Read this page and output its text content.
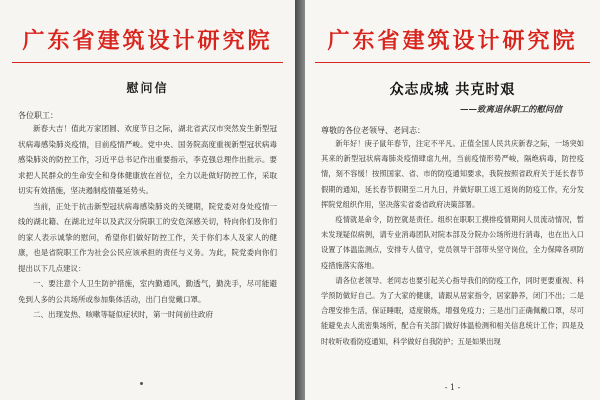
广东省建筑设计研究院
慰问信
各位职工：

新春大吉！值此万家团圆、欢度节日之际，湖北省武汉市突然发生新型冠状病毒感染肺炎疫情，目前疫情严峻。党中央、国务院高度重视新型冠状病毒感染肺炎的防控工作，习近平总书记作出重要指示，李克强总理作出批示。要求把人民群众的生命安全和身体健康放在首位，全力以赴做好防控工作，采取切实有效措施，坚决遏制疫情蔓延势头。

当前，正处于抗击新型冠状病毒感染肺炎的关键期，院党委对身处疫情一线的湖北籍、在湖北过年以及武汉分院职工的安危深感关切，特向你们及你们的家人表示诚挚的慰问，希望你们做好防控工作，关于你们本人及家人的健康，也是省院职工作为社会公民应该承担的责任与义务。为此，院党委向你们提出以下几点建议：

一、要注意个人卫生防护措施，室内勤通风，勤透气，勤洗手，尽可能避免到人多的公共场所或参加集体活动，出门自觉戴口罩。

二、出现发热、咳嗽等疑似症状时，第一时间前往政府

广东省建筑设计研究院
众志成城 共克时艰
——致离退休职工的慰问信
尊敬的各位老领导、老同志：

新年好！庚子鼠年春节，注定不平凡。正值全国人民共庆新春之际，一场突如其来的新型冠状病毒肺炎疫情肆虐九州，当前疫情形势严峻，隔绝病毒，防控疫情，刻不容缓！按照国家、省、市的防疫通知要求，我院按照省政府关于延长春节假期的通知，延长春节假期至二月九日，并做好职工返工返岗的防疫工作，充分发挥院党组织作用，坚决落实省委省政府决策部署。

疫情就是命令，防控就是责任。组织在职职工摸排疫情期间人员流动情况，暂未发现疑似病例，请专业消毒团队对院本部及分院办公场所进行消毒，也在出入口设置了体温监测点，安排专人值守，党员领导干部带头坚守岗位，全力保障各项防疫措施落实落地。

请各位老领导、老同志也要引起关心指导我们的防疫工作，同时更要重视、科学预防做好自己。为了大家的健康，请跟从居家指令，居家静养，闭门不出；二是合理安排生活，保证睡眠，适度锻炼，增强免疫力；三是出门正确佩戴口罩，尽可能避免去人流密集场所，配合有关部门做好体温检测和相关信息统计工作；四是及时收听收看防疫通知，科学做好自我防护；五是如果出现

- 1 -
